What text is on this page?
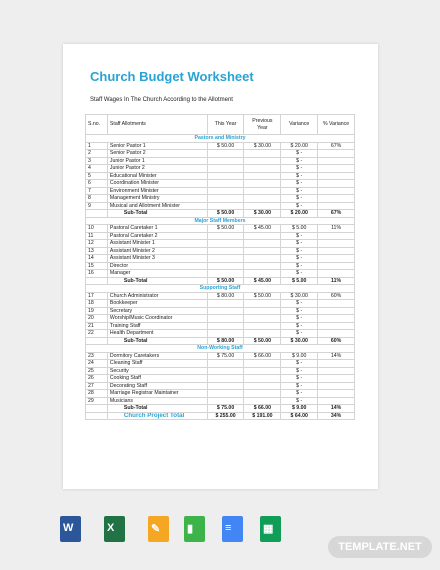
Church Budget Worksheet
Staff Wages In The Church According to the Allotment
S.no.	Staff Allotments	This Year	Previous Year	Variance	% Variance
Pastors and Ministry					
1	Senior Pastor 1	$ 50.00	$ 30.00	$ 20.00	67%
2	Senior Pastor 2			$ -	
3	Junior Pastor 1			$ -	
4	Junior Pastor 2			$ -	
5	Educational Minister			$ -	
6	Coordination Minister			$ -	
7	Environment Minister			$ -	
8	Management Ministry			$ -	
9	Musical and Allotment Minister			$ -	
	Sub-Total	$ 50.00	$ 30.00	$ 20.00	67%
Major Staff Members					
10	Pastoral Caretaker 1	$ 50.00	$ 45.00	$ 5.00	11%
11	Pastoral Caretaker 2			$ -	
12	Assistant Minister 1			$ -	
13	Assistant Minister 2			$ -	
14	Assistant Minister 3			$ -	
15	Director			$ -	
16	Manager			$ -	
	Sub-Total	$ 50.00	$ 45.00	$ 5.00	11%
Supporting Staff					
17	Church Administrator	$ 80.00	$ 50.00	$ 30.00	60%
18	Bookkeeper			$ -	
19	Secretary			$ -	
20	Worship/Music Coordinator			$ -	
21	Training Staff			$ -	
22	Health Department			$ -	
	Sub-Total	$ 80.00	$ 50.00	$ 30.00	60%
Non-Working Staff					
23	Dormitory Caretakers	$ 75.00	$ 66.00	$ 9.00	14%
24	Cleaning Staff			$ -	
25	Security			$ -	
26	Cooking Staff			$ -	
27	Decorating Staff			$ -	
28	Marriage Registrar Maintainer			$ -	
29	Musicians			$ -	
	Sub-Total	$ 75.00	$ 66.00	$ 9.00	14%
	Church Project Total	$ 255.00	$ 191.00	$ 64.00	34%
W	X	✎ ▮	≡	▦
TEMPLATE.NET
